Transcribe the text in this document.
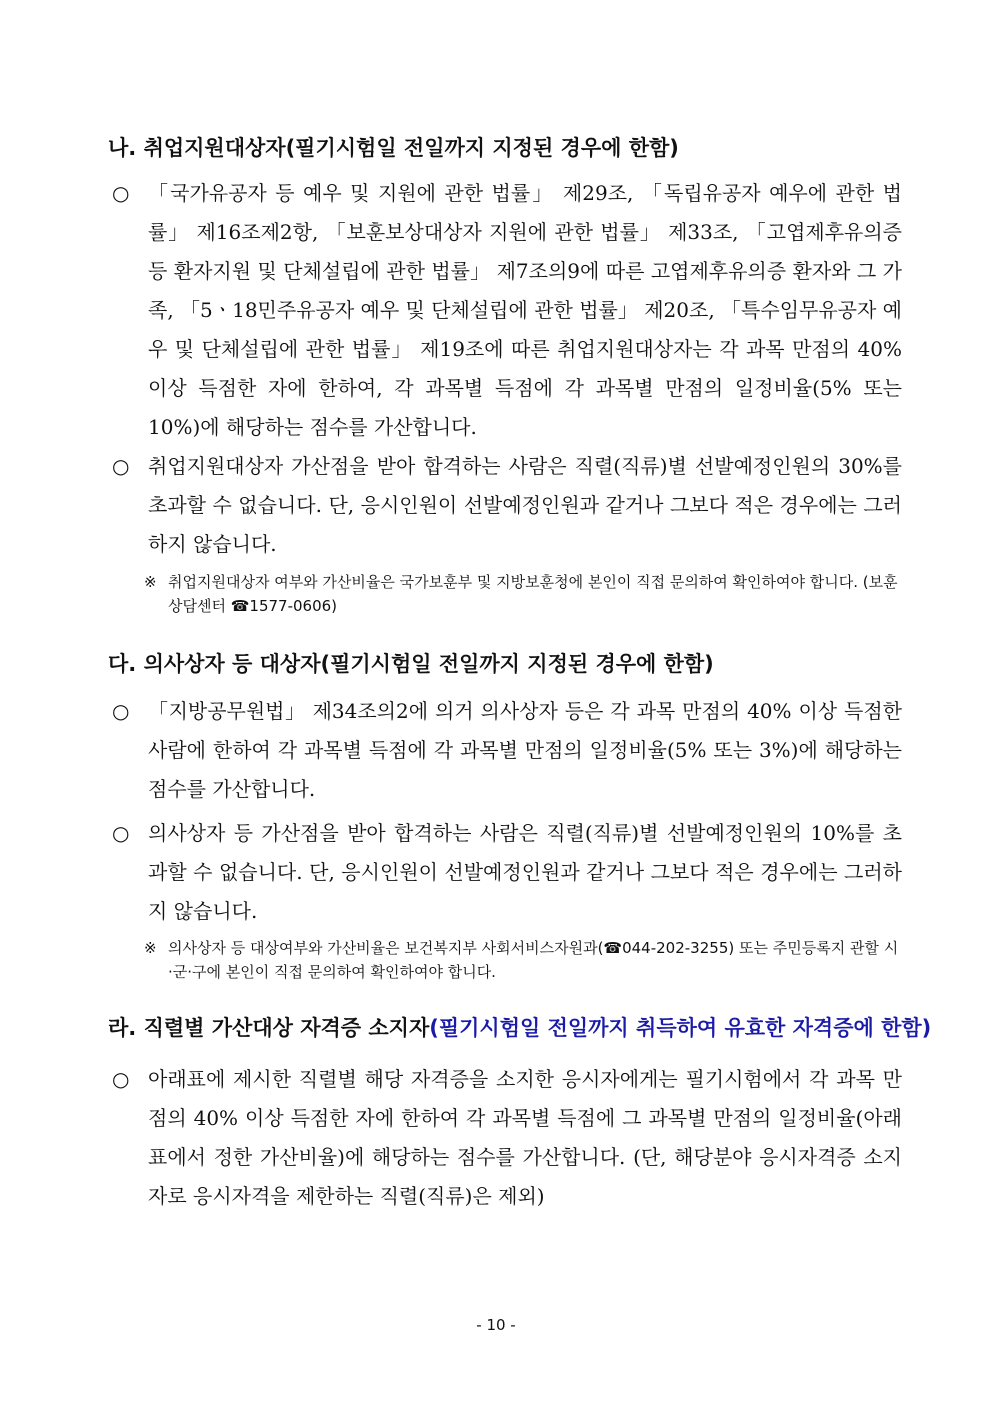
나. 취업지원대상자(필기시험일 전일까지 지정된 경우에 한함)
○ 「국가유공자 등 예우 및 지원에 관한 법률」 제29조, 「독립유공자 예우에 관한 법률」 제16조제2항, 「보훈보상대상자 지원에 관한 법률」 제33조, 「고엽제후유의증 등 환자지원 및 단체설립에 관한 법률」 제7조의9에 따른 고엽제후유의증 환자와 그 가족, 「5ㆍ18민주유공자 예우 및 단체설립에 관한 법률」 제20조, 「특수임무유공자 예우 및 단체설립에 관한 법률」 제19조에 따른 취업지원대상자는 각 과목 만점의 40% 이상 득점한 자에 한하여, 각 과목별 득점에 각 과목별 만점의 일정비율(5% 또는 10%)에 해당하는 점수를 가산합니다.
○ 취업지원대상자 가산점을 받아 합격하는 사람은 직렬(직류)별 선발예정인원의 30%를 초과할 수 없습니다. 단, 응시인원이 선발예정인원과 같거나 그보다 적은 경우에는 그러하지 않습니다.
※ 취업지원대상자 여부와 가산비율은 국가보훈부 및 지방보훈청에 본인이 직접 문의하여 확인하여야 합니다. (보훈상담센터 ☎1577-0606)
다. 의사상자 등 대상자(필기시험일 전일까지 지정된 경우에 한함)
○ 「지방공무원법」 제34조의2에 의거 의사상자 등은 각 과목 만점의 40% 이상 득점한 사람에 한하여 각 과목별 득점에 각 과목별 만점의 일정비율(5% 또는 3%)에 해당하는 점수를 가산합니다.
○ 의사상자 등 가산점을 받아 합격하는 사람은 직렬(직류)별 선발예정인원의 10%를 초과할 수 없습니다. 단, 응시인원이 선발예정인원과 같거나 그보다 적은 경우에는 그러하지 않습니다.
※ 의사상자 등 대상여부와 가산비율은 보건복지부 사회서비스자원과(☎044-202-3255) 또는 주민등록지 관할 시·군·구에 본인이 직접 문의하여 확인하여야 합니다.
라. 직렬별 가산대상 자격증 소지자(필기시험일 전일까지 취득하여 유효한 자격증에 한함)
○ 아래표에 제시한 직렬별 해당 자격증을 소지한 응시자에게는 필기시험에서 각 과목 만점의 40% 이상 득점한 자에 한하여 각 과목별 득점에 그 과목별 만점의 일정비율(아래 표에서 정한 가산비율)에 해당하는 점수를 가산합니다. (단, 해당분야 응시자격증 소지자로 응시자격을 제한하는 직렬(직류)은 제외)
- 10 -
